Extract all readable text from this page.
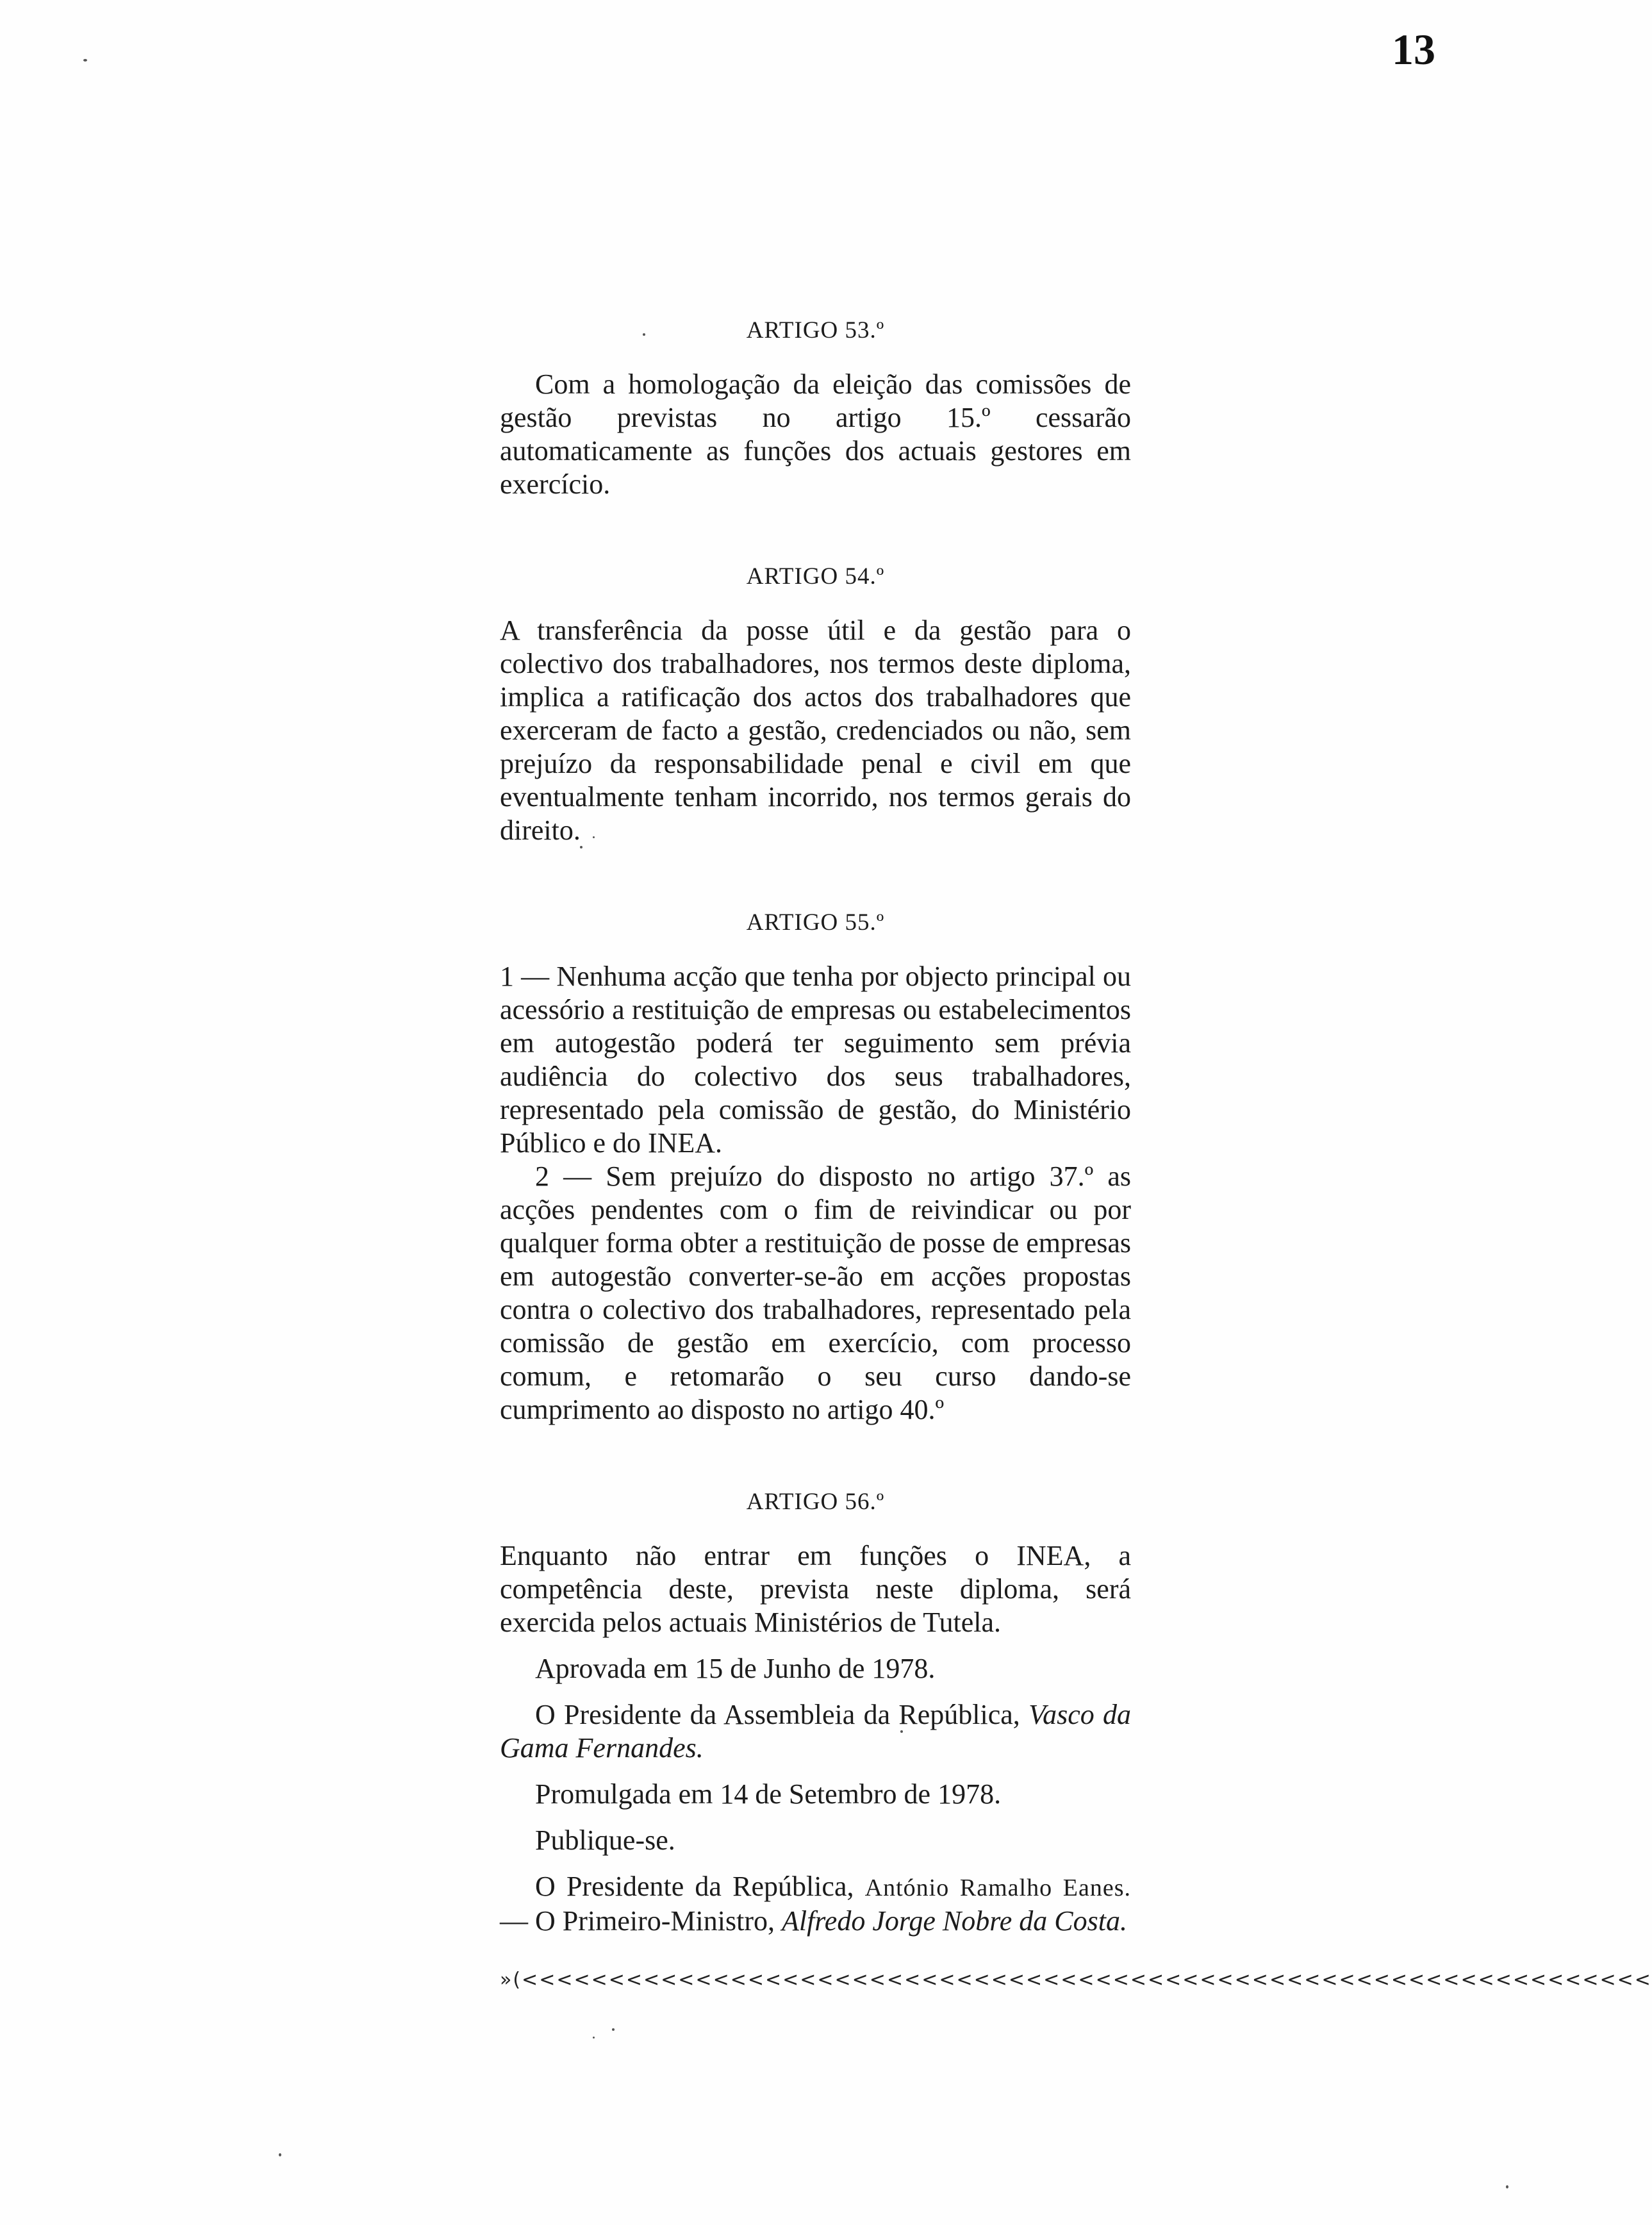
13
ARTIGO 53.º

Com a homologação da eleição das comissões de gestão previstas no artigo 15.º cessarão automaticamente as funções dos actuais gestores em exercício.

ARTIGO 54.º

A transferência da posse útil e da gestão para o colectivo dos trabalhadores, nos termos deste diploma, implica a ratificação dos actos dos trabalhadores que exerceram de facto a gestão, credenciados ou não, sem prejuízo da responsabilidade penal e civil em que eventualmente tenham incorrido, nos termos gerais do direito.

ARTIGO 55.º

1 — Nenhuma acção que tenha por objecto principal ou acessório a restituição de empresas ou estabelecimentos em autogestão poderá ter seguimento sem prévia audiência do colectivo dos seus trabalhadores, representado pela comissão de gestão, do Ministério Público e do INEA.

2 — Sem prejuízo do disposto no artigo 37.º as acções pendentes com o fim de reivindicar ou por qualquer forma obter a restituição de posse de empresas em autogestão converter-se-ão em acções propostas contra o colectivo dos trabalhadores, representado pela comissão de gestão em exercício, com processo comum, e retomarão o seu curso dando-se cumprimento ao disposto no artigo 40.º

ARTIGO 56.º

Enquanto não entrar em funções o INEA, a competência deste, prevista neste diploma, será exercida pelos actuais Ministérios de Tutela.

Aprovada em 15 de Junho de 1978.

O Presidente da Assembleia da República, Vasco da Gama Fernandes.

Promulgada em 14 de Setembro de 1978.

Publique-se.

O Presidente da República, António Ramalho Eanes. — O Primeiro-Ministro, Alfredo Jorge Nobre da Costa.

»(<<<<<<<<<<<<<<<<<<<<<<<<<<<<<<<<<<<<<<<<<<<<<<<<<<<<<<<<<<<<<<<<<
